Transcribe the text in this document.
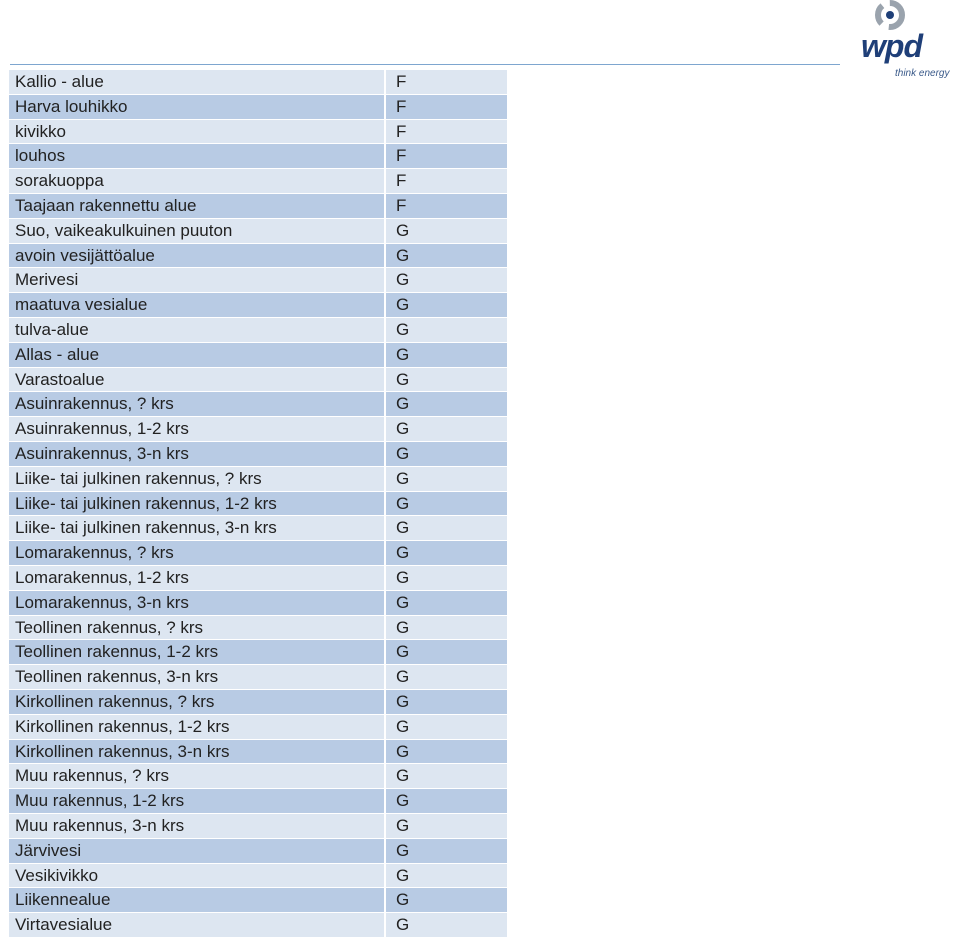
wpd
think energy
Kallio - alue	F
Harva louhikko	F
kivikko	F
louhos	F
sorakuoppa	F
Taajaan rakennettu alue	F
Suo, vaikeakulkuinen puuton	G
avoin vesijättöalue	G
Merivesi	G
maatuva vesialue	G
tulva-alue	G
Allas - alue	G
Varastoalue	G
Asuinrakennus, ? krs	G
Asuinrakennus, 1-2 krs	G
Asuinrakennus, 3-n krs	G
Liike- tai julkinen rakennus, ? krs	G
Liike- tai julkinen rakennus, 1-2 krs	G
Liike- tai julkinen rakennus, 3-n krs	G
Lomarakennus, ? krs	G
Lomarakennus, 1-2 krs	G
Lomarakennus, 3-n krs	G
Teollinen rakennus, ? krs	G
Teollinen rakennus, 1-2 krs	G
Teollinen rakennus, 3-n krs	G
Kirkollinen rakennus, ? krs	G
Kirkollinen rakennus, 1-2 krs	G
Kirkollinen rakennus, 3-n krs	G
Muu rakennus, ? krs	G
Muu rakennus, 1-2 krs	G
Muu rakennus, 3-n krs	G
Järvivesi	G
Vesikivikko	G
Liikennealue	G
Virtavesialue	G
